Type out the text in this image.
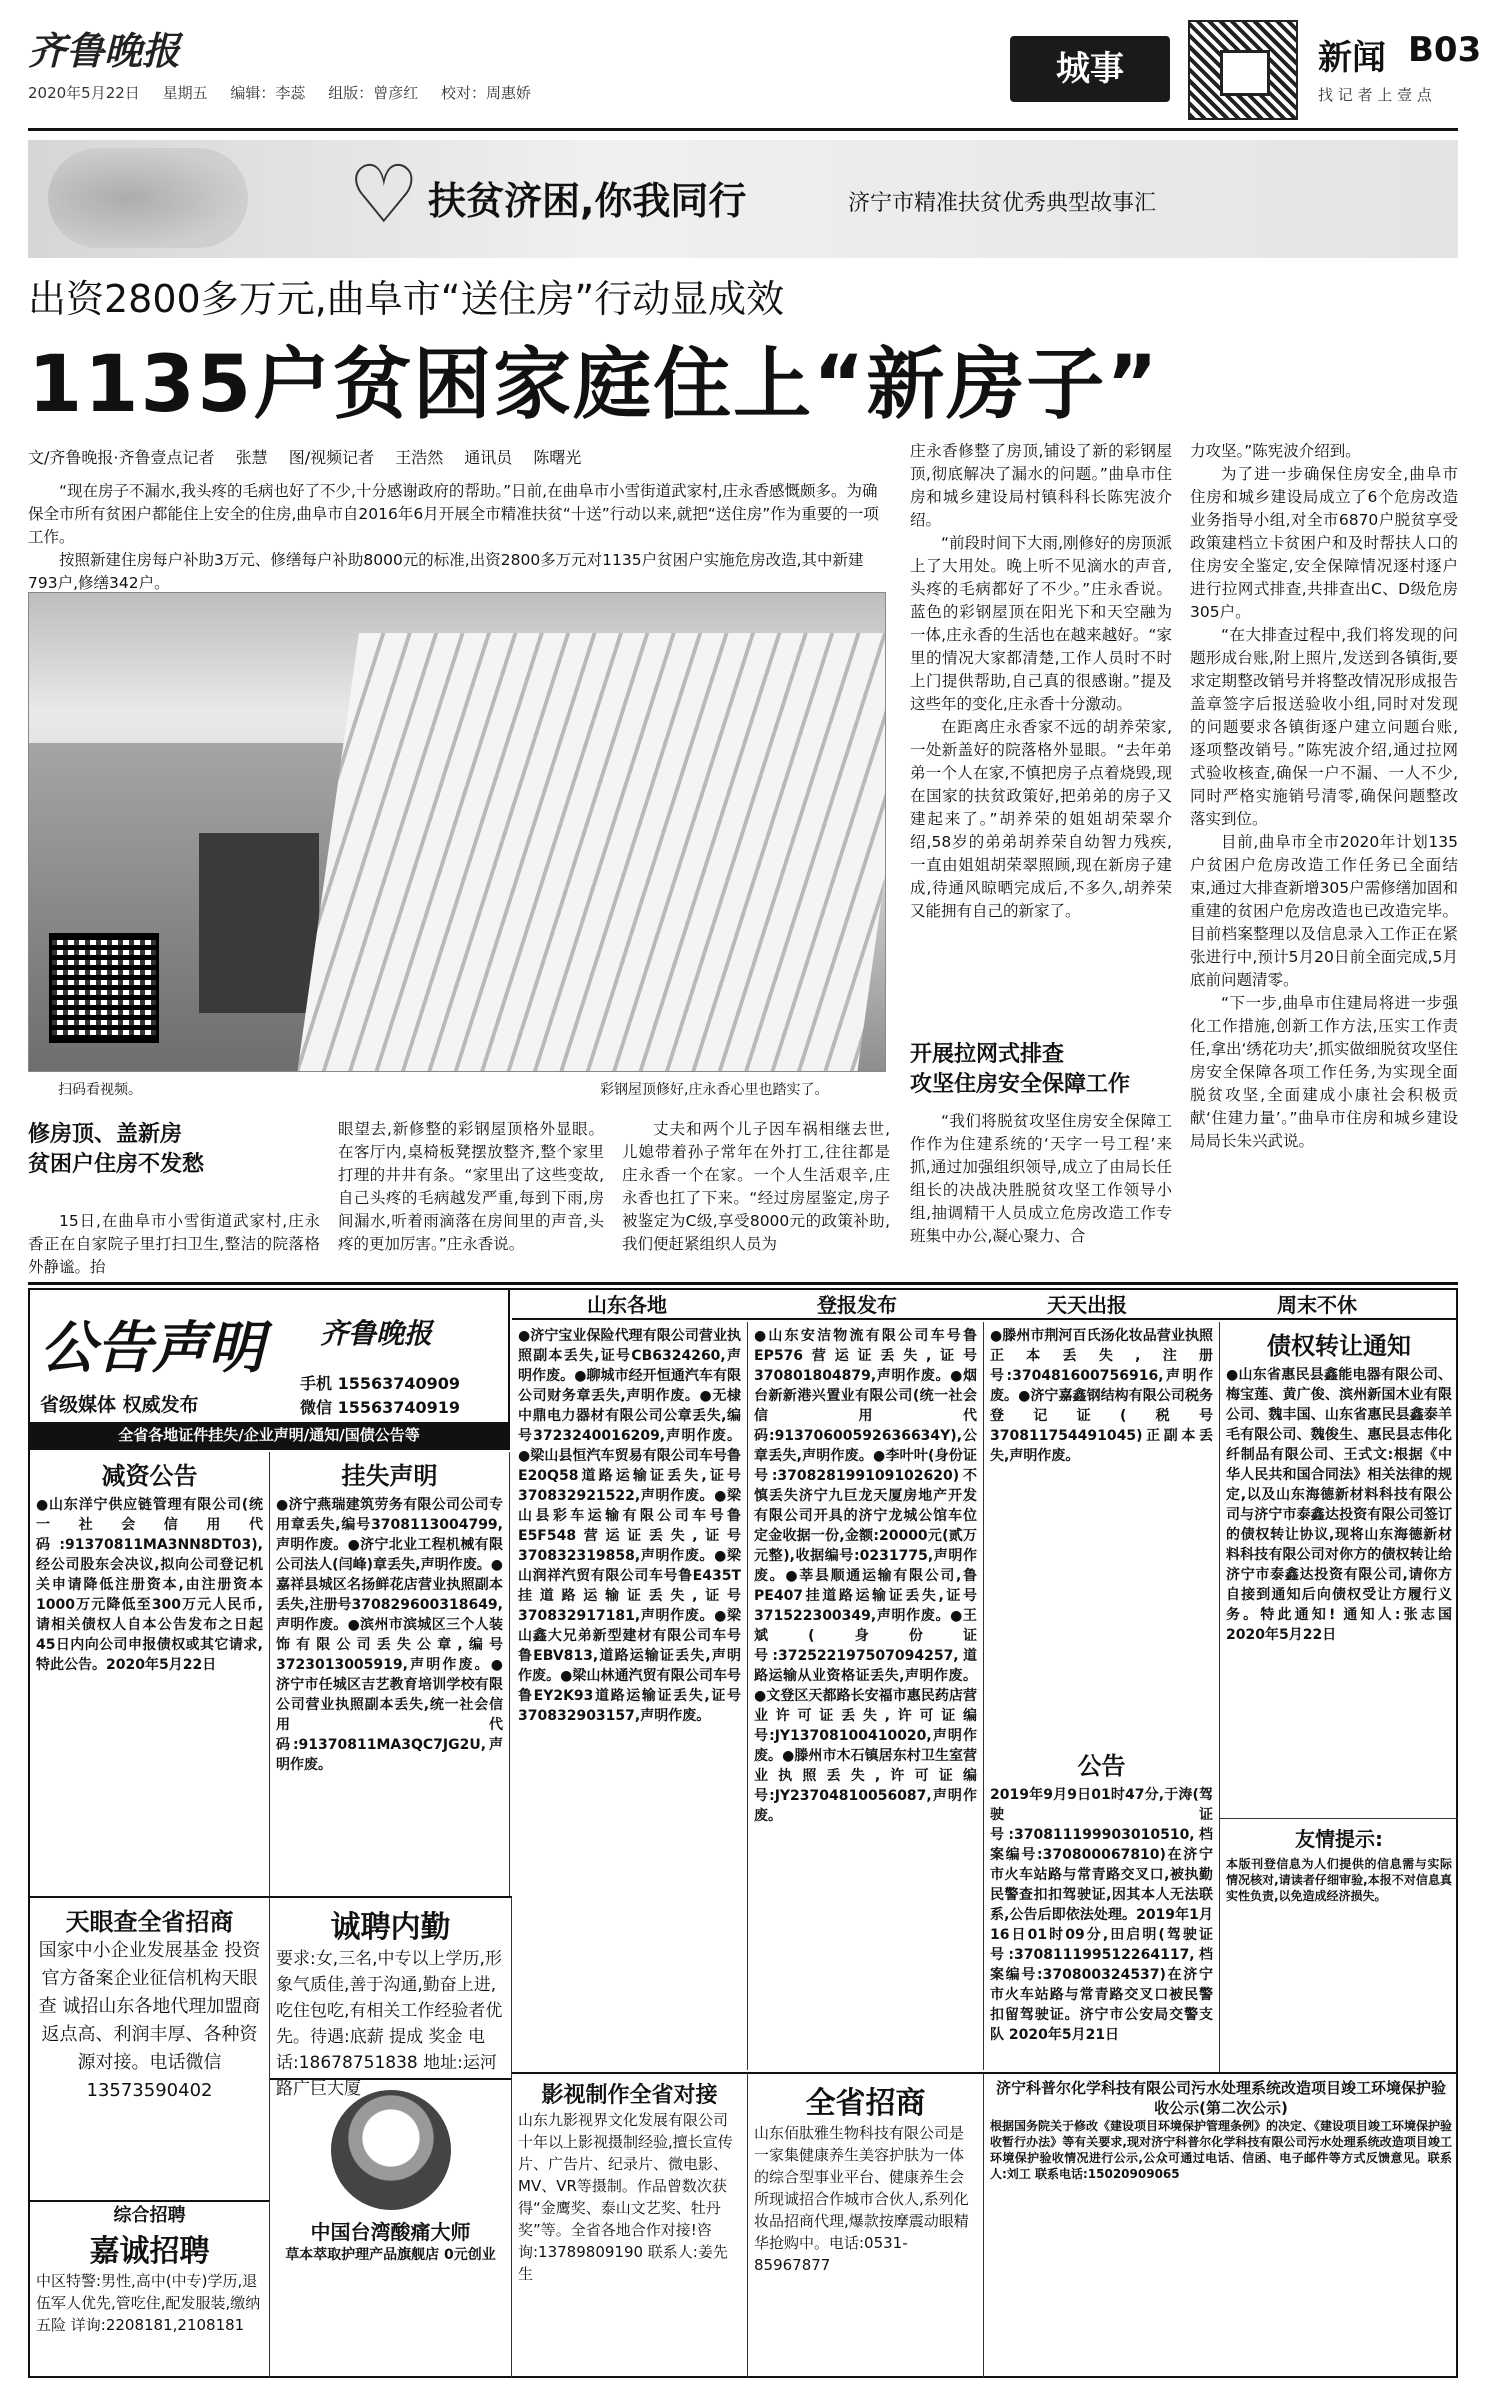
齐鲁晚报
2020年5月22日 星期五 编辑：李蕊 组版：曾彦红 校对：周惠娇
城事	新闻 B03
找 记 者 上 壹 点
♡ 扶贫济困,你我同行	济宁市精准扶贫优秀典型故事汇
出资2800多万元,曲阜市“送住房”行动显成效
1135户贫困家庭住上“新房子”
文/齐鲁晚报·齐鲁壹点记者 张慧 图/视频记者 王浩然 通讯员 陈曙光

“现在房子不漏水,我头疼的毛病也好了不少,十分感谢政府的帮助。”日前,在曲阜市小雪街道武家村,庄永香感慨颇多。为确保全市所有贫困户都能住上安全的住房,曲阜市自2016年6月开展全市精准扶贫“十送”行动以来,就把“送住房”作为重要的一项工作。

按照新建住房每户补助3万元、修缮每户补助8000元的标准,出资2800多万元对1135户贫困户实施危房改造,其中新建793户,修缮342户。

扫码看视频。	彩钢屋顶修好,庄永香心里也踏实了。
修房顶、盖新房
贫困户住房不发愁

15日,在曲阜市小雪街道武家村,庄永香正在自家院子里打扫卫生,整洁的院落格外静谧。抬

眼望去,新修整的彩钢屋顶格外显眼。在客厅内,桌椅板凳摆放整齐,整个家里打理的井井有条。“家里出了这些变故,自己头疼的毛病越发严重,每到下雨,房间漏水,听着雨滴落在房间里的声音,头疼的更加厉害。”庄永香说。

丈夫和两个儿子因车祸相继去世,儿媳带着孙子常年在外打工,往往都是庄永香一个在家。一个人生活艰辛,庄永香也扛了下来。“经过房屋鉴定,房子被鉴定为C级,享受8000元的政策补助,我们便赶紧组织人员为

庄永香修整了房顶,铺设了新的彩钢屋顶,彻底解决了漏水的问题。”曲阜市住房和城乡建设局村镇科科长陈宪波介绍。

“前段时间下大雨,刚修好的房顶派上了大用处。晚上听不见滴水的声音,头疼的毛病都好了不少。”庄永香说。蓝色的彩钢屋顶在阳光下和天空融为一体,庄永香的生活也在越来越好。“家里的情况大家都清楚,工作人员时不时上门提供帮助,自己真的很感谢。”提及这些年的变化,庄永香十分激动。

在距离庄永香家不远的胡养荣家,一处新盖好的院落格外显眼。“去年弟弟一个人在家,不慎把房子点着烧毁,现在国家的扶贫政策好,把弟弟的房子又建起来了。”胡养荣的姐姐胡荣翠介绍,58岁的弟弟胡养荣自幼智力残疾,一直由姐姐胡荣翠照顾,现在新房子建成,待通风晾晒完成后,不多久,胡养荣又能拥有自己的新家了。

开展拉网式排查
攻坚住房安全保障工作

“我们将脱贫攻坚住房安全保障工作作为住建系统的‘天字一号工程’来抓,通过加强组织领导,成立了由局长任组长的决战决胜脱贫攻坚工作领导小组,抽调精干人员成立危房改造工作专班集中办公,凝心聚力、合

力攻坚。”陈宪波介绍到。

为了进一步确保住房安全,曲阜市住房和城乡建设局成立了6个危房改造业务指导小组,对全市6870户脱贫享受政策建档立卡贫困户和及时帮扶人口的住房安全鉴定,安全保障情况逐村逐户进行拉网式排查,共排查出C、D级危房305户。

“在大排查过程中,我们将发现的问题形成台账,附上照片,发送到各镇街,要求定期整改销号并将整改情况形成报告盖章签字后报送验收小组,同时对发现的问题要求各镇街逐户建立问题台账,逐项整改销号。”陈宪波介绍,通过拉网式验收核查,确保一户不漏、一人不少,同时严格实施销号清零,确保问题整改落实到位。

目前,曲阜市全市2020年计划135户贫困户危房改造工作任务已全面结束,通过大排查新增305户需修缮加固和重建的贫困户危房改造也已改造完毕。目前档案整理以及信息录入工作正在紧张进行中,预计5月20日前全面完成,5月底前问题清零。

“下一步,曲阜市住建局将进一步强化工作措施,创新工作方法,压实工作责任,拿出‘绣花功夫’,抓实做细脱贫攻坚住房安全保障各项工作任务,为实现全面脱贫攻坚,全面建成小康社会积极贡献‘住建力量’。”曲阜市住房和城乡建设局局长朱兴武说。

公告声明 齐鲁晚报
省级媒体 权威发布
手机 15563740909
微信 15563740919
全省各地证件挂失/企业声明/通知/国债公告等
山东各地	登报发布	天天出报	周末不休
减资公告
●山东洋宁供应链管理有限公司(统一社会信用代码:91370811MA3NN8DT03),经公司股东会决议,拟向公司登记机关申请降低注册资本,由注册资本1000万元降低至300万元人民币,请相关债权人自本公告发布之日起45日内向公司申报债权或其它请求,特此公告。2020年5月22日
挂失声明
●济宁燕瑞建筑劳务有限公司公司专用章丢失,编号3708113004799,声明作废。●济宁北业工程机械有限公司法人(闫峰)章丢失,声明作废。●嘉祥县城区名扬鲜花店营业执照副本丢失,注册号370829600318649,声明作废。●滨州市滨城区三个人装饰有限公司丢失公章,编号3723013005919,声明作废。●济宁市任城区吉艺教育培训学校有限公司营业执照副本丢失,统一社会信用代码:91370811MA3QC7JG2U,声明作废。
●济宁宝业保险代理有限公司营业执照副本丢失,证号CB6324260,声明作废。●聊城市经开恒通汽车有限公司财务章丢失,声明作废。●无棣中鼎电力器材有限公司公章丢失,编号3723240016209,声明作废。●梁山县恒汽车贸易有限公司车号鲁E20Q58道路运输证丢失,证号370832921522,声明作废。●梁山县彩车运输有限公司车号鲁E5F548营运证丢失,证号370832319858,声明作废。●梁山润祥汽贸有限公司车号鲁E435T挂道路运输证丢失,证号370832917181,声明作废。●梁山鑫大兄弟新型建材有限公司车号鲁EBV813,道路运输证丢失,声明作废。●梁山林通汽贸有限公司车号鲁EY2K93道路运输证丢失,证号370832903157,声明作废。
●山东安洁物流有限公司车号鲁EP576营运证丢失,证号370801804879,声明作废。●烟台新新港兴置业有限公司(统一社会信用代码:91370600592636634Y),公章丢失,声明作废。●李叶叶(身份证号:370828199109102620)不慎丢失济宁九巨龙天厦房地产开发有限公司开具的济宁龙城公馆车位定金收据一份,金额:20000元(贰万元整),收据编号:0231775,声明作废。●莘县顺通运输有限公司,鲁PE407挂道路运输证丢失,证号371522300349,声明作废。●王斌(身份证号:372522197507094257,道路运输从业资格证丢失,声明作废。●文登区天都路长安福市惠民药店营业许可证丢失,许可证编号:JY13708100410020,声明作废。●滕州市木石镇居东村卫生室营业执照丢失,许可证编号:JY23704810056087,声明作废。
●滕州市荆河百氏汤化妆品营业执照正本丢失,注册号:370481600756916,声明作废。●济宁嘉鑫钢结构有限公司税务登记证(税号370811754491045)正副本丢失,声明作废。
公告
2019年9月9日01时47分,于涛(驾驶证号:370811199903010510,档案编号:370800067810)在济宁市火车站路与常青路交叉口,被执勤民警查扣扣驾驶证,因其本人无法联系,公告后即依法处理。2019年1月16日01时09分,田启明(驾驶证号:370811199512264117,档案编号:370800324537)在济宁市火车站路与常青路交叉口被民警扣留驾驶证。济宁市公安局交警支队 2020年5月21日
债权转让通知
●山东省惠民县鑫能电器有限公司、梅宝莲、黄广俊、滨州新国木业有限公司、魏丰国、山东省惠民县鑫泰羊毛有限公司、魏俊生、惠民县志伟化纤制品有限公司、王式文:根据《中华人民共和国合同法》相关法律的规定,以及山东海德新材料科技有限公司与济宁市泰鑫达投资有限公司签订的债权转让协议,现将山东海德新材料科技有限公司对你方的债权转让给济宁市泰鑫达投资有限公司,请你方自接到通知后向债权受让方履行义务。特此通知! 通知人:张志国 2020年5月22日
友情提示:
本版刊登信息为人们提供的信息需与实际情况核对,请读者仔细审验,本报不对信息真实性负责,以免造成经济损失。
天眼查全省招商
国家中小企业发展基金 投资官方备案企业征信机构天眼查 诚招山东各地代理加盟商 返点高、利润丰厚、各种资源对接。电话微信 13573590402
诚聘内勤
要求:女,三名,中专以上学历,形象气质佳,善于沟通,勤奋上进,吃住包吃,有相关工作经验者优先。待遇:底薪 提成 奖金 电话:18678751838 地址:运河路广巨大厦	济宁科普尔化学科技有限公司污水处理系统改造项目竣工环境保护验收公示(第二次公示)
根据国务院关于修改《建设项目环境保护管理条例》的决定、《建设项目竣工环境保护验收暂行办法》等有关要求,现对济宁科普尔化学科技有限公司污水处理系统改造项目竣工环境保护验收情况进行公示,公众可通过电话、信函、电子邮件等方式反馈意见。联系人:刘工 联系电话:15020909065
综合招聘
嘉诚招聘
中区特警:男性,高中(中专)学历,退伍军人优先,管吃住,配发服装,缴纳五险 详询:2208181,2108181
中国台湾酸痛大师
草本萃取护理产品旗舰店 0元创业
影视制作全省对接
山东九影视界文化发展有限公司十年以上影视摄制经验,擅长宣传片、广告片、纪录片、微电影、MV、VR等摄制。作品曾数次获得“金鹰奖、泰山文艺奖、牡丹奖”等。全省各地合作对接!咨询:13789809190 联系人:姜先生
全省招商
山东佰肽雅生物科技有限公司是一家集健康养生美容护肤为一体的综合型事业平台、健康养生会所现诚招合作城市合伙人,系列化妆品招商代理,爆款按摩震动眼精华抢购中。电话:0531-85967877
